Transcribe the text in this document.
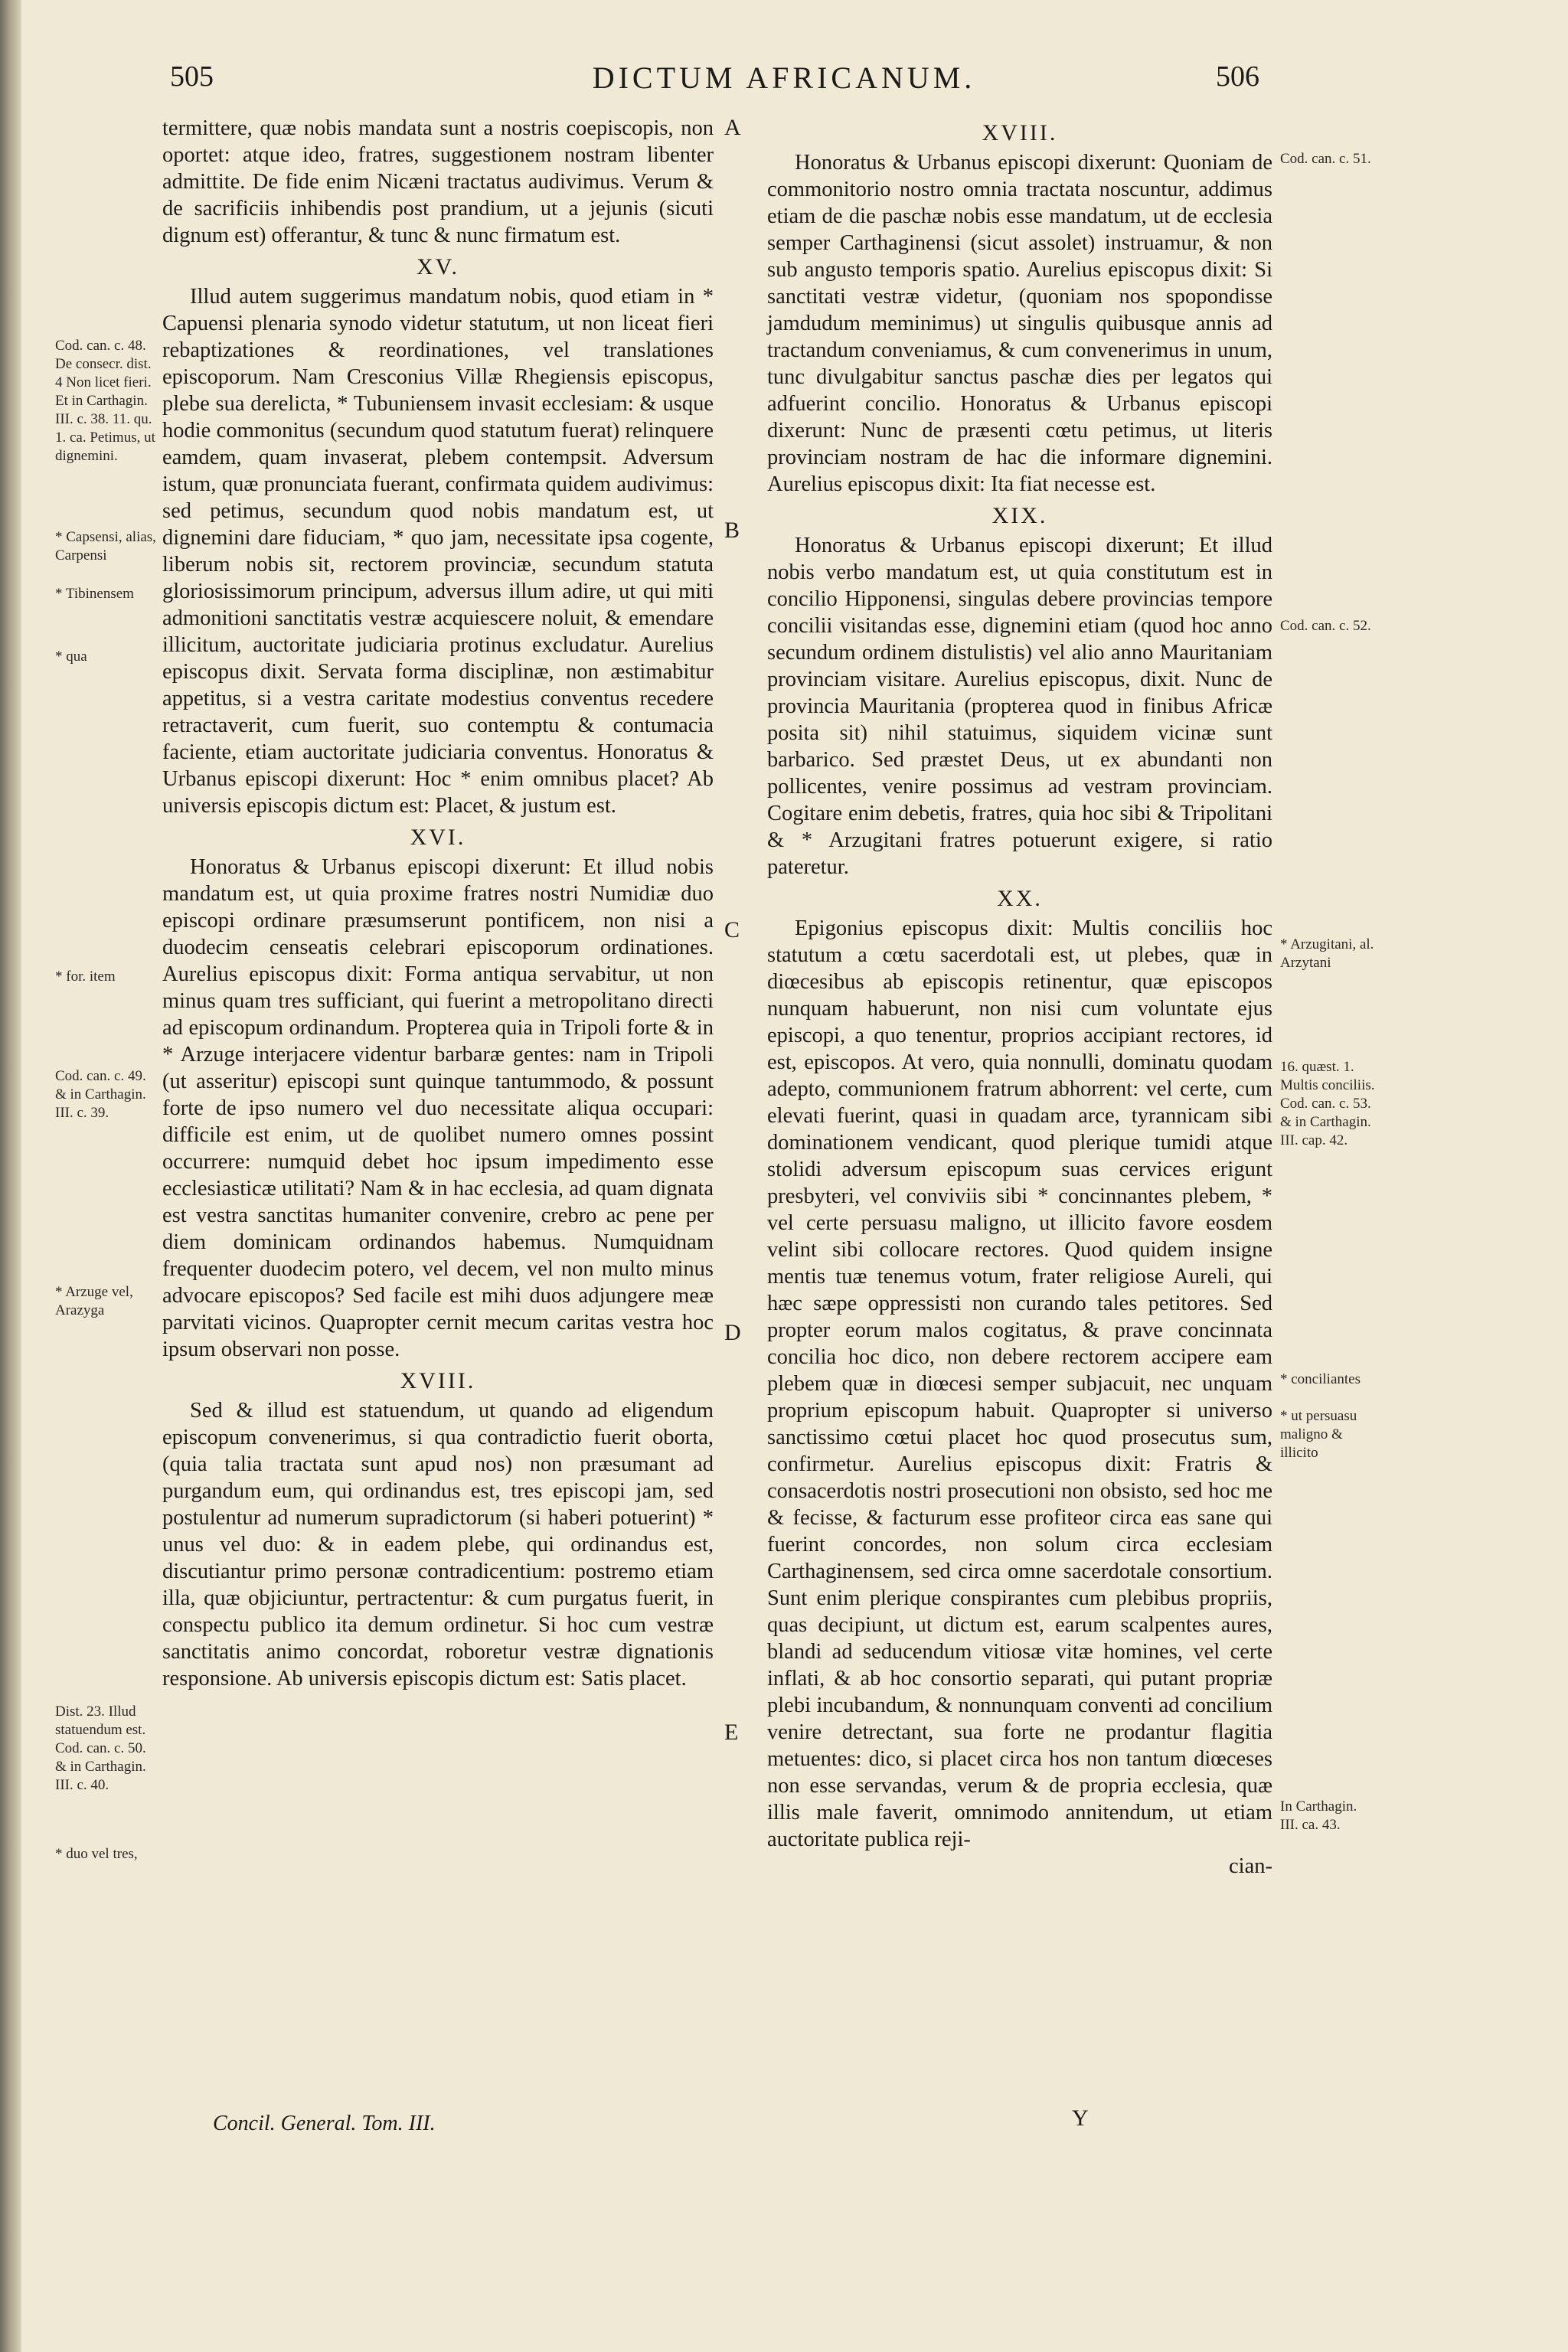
505	DICTUM AFRICANUM.	506

termittere, quæ nobis mandata sunt a nostris coepiscopis, non oportet: atque ideo, fratres, suggestionem nostram libenter admittite. De fide enim Nicæni tractatus audivimus. Verum & de sacrificiis inhibendis post prandium, ut a jejunis (sicuti dignum est) offerantur, & tunc & nunc firmatum est.

XV.

Illud autem suggerimus mandatum nobis, quod etiam in * Capuensi plenaria synodo videtur statutum, ut non liceat fieri rebaptizationes & reordinationes, vel translationes episcoporum. Nam Cresconius Villæ Rhegiensis episcopus, plebe sua derelicta, * Tubuniensem invasit ecclesiam: & usque hodie commonitus (secundum quod statutum fuerat) relinquere eamdem, quam invaserat, plebem contempsit. Adversum istum, quæ pronunciata fuerant, confirmata quidem audivimus: sed petimus, secundum quod nobis mandatum est, ut dignemini dare fiduciam, * quo jam, necessitate ipsa cogente, liberum nobis sit, rectorem provinciæ, secundum statuta gloriosissimorum principum, adversus illum adire, ut qui miti admonitioni sanctitatis vestræ acquiescere noluit, & emendare illicitum, auctoritate judiciaria protinus excludatur. Aurelius episcopus dixit. Servata forma disciplinæ, non æstimabitur appetitus, si a vestra caritate modestius conventus recedere retractaverit, cum fuerit, suo contemptu & contumacia faciente, etiam auctoritate judiciaria conventus. Honoratus & Urbanus episcopi dixerunt: Hoc * enim omnibus placet? Ab universis episcopis dictum est: Placet, & justum est.

XVI.

Honoratus & Urbanus episcopi dixerunt: Et illud nobis mandatum est, ut quia proxime fratres nostri Numidiæ duo episcopi ordinare præsumserunt pontificem, non nisi a duodecim censeatis celebrari episcoporum ordinationes. Aurelius episcopus dixit: Forma antiqua servabitur, ut non minus quam tres sufficiant, qui fuerint a metropolitano directi ad episcopum ordinandum. Propterea quia in Tripoli forte & in * Arzuge interjacere videntur barbaræ gentes: nam in Tripoli (ut asseritur) episcopi sunt quinque tantummodo, & possunt forte de ipso numero vel duo necessitate aliqua occupari: difficile est enim, ut de quolibet numero omnes possint occurrere: numquid debet hoc ipsum impedimento esse ecclesiasticæ utilitati? Nam & in hac ecclesia, ad quam dignata est vestra sanctitas humaniter convenire, crebro ac pene per diem dominicam ordinandos habemus. Numquidnam frequenter duodecim potero, vel decem, vel non multo minus advocare episcopos? Sed facile est mihi duos adjungere meæ parvitati vicinos. Quapropter cernit mecum caritas vestra hoc ipsum observari non posse.

XVIII.

Sed & illud est statuendum, ut quando ad eligendum episcopum convenerimus, si qua contradictio fuerit oborta, (quia talia tractata sunt apud nos) non præsumant ad purgandum eum, qui ordinandus est, tres episcopi jam, sed postulentur ad numerum supradictorum (si haberi potuerint) * unus vel duo: & in eadem plebe, qui ordinandus est, discutiantur primo personæ contradicentium: postremo etiam illa, quæ objiciuntur, pertractentur: & cum purgatus fuerit, in conspectu publico ita demum ordinetur. Si hoc cum vestræ sanctitatis animo concordat, roboretur vestræ dignationis responsione. Ab universis episcopis dictum est: Satis placet.

XVIII.

Honoratus & Urbanus episcopi dixerunt: Quoniam de commonitorio nostro omnia tractata noscuntur, addimus etiam de die paschæ nobis esse mandatum, ut de ecclesia semper Carthaginensi (sicut assolet) instruamur, & non sub angusto temporis spatio. Aurelius episcopus dixit: Si sanctitati vestræ videtur, (quoniam nos spopondisse jamdudum meminimus) ut singulis quibusque annis ad tractandum conveniamus, & cum convenerimus in unum, tunc divulgabitur sanctus paschæ dies per legatos qui adfuerint concilio. Honoratus & Urbanus episcopi dixerunt: Nunc de præsenti cœtu petimus, ut literis provinciam nostram de hac die informare dignemini. Aurelius episcopus dixit: Ita fiat necesse est.

XIX.

Honoratus & Urbanus episcopi dixerunt; Et illud nobis verbo mandatum est, ut quia constitutum est in concilio Hipponensi, singulas debere provincias tempore concilii visitandas esse, dignemini etiam (quod hoc anno secundum ordinem distulistis) vel alio anno Mauritaniam provinciam visitare. Aurelius episcopus, dixit. Nunc de provincia Mauritania (propterea quod in finibus Africæ posita sit) nihil statuimus, siquidem vicinæ sunt barbarico. Sed præstet Deus, ut ex abundanti non pollicentes, venire possimus ad vestram provinciam. Cogitare enim debetis, fratres, quia hoc sibi & Tripolitani & * Arzugitani fratres potuerunt exigere, si ratio pateretur.

XX.

Epigonius episcopus dixit: Multis conciliis hoc statutum a cœtu sacerdotali est, ut plebes, quæ in diœcesibus ab episcopis retinentur, quæ episcopos nunquam habuerunt, non nisi cum voluntate ejus episcopi, a quo tenentur, proprios accipiant rectores, id est, episcopos. At vero, quia nonnulli, dominatu quodam adepto, communionem fratrum abhorrent: vel certe, cum elevati fuerint, quasi in quadam arce, tyrannicam sibi dominationem vendicant, quod plerique tumidi atque stolidi adversum episcopum suas cervices erigunt presbyteri, vel conviviis sibi * concinnantes plebem, * vel certe persuasu maligno, ut illicito favore eosdem velint sibi collocare rectores. Quod quidem insigne mentis tuæ tenemus votum, frater religiose Aureli, qui hæc sæpe oppressisti non curando tales petitores. Sed propter eorum malos cogitatus, & prave concinnata concilia hoc dico, non debere rectorem accipere eam plebem quæ in diœcesi semper subjacuit, nec unquam proprium episcopum habuit. Quapropter si universo sanctissimo cœtui placet hoc quod prosecutus sum, confirmetur. Aurelius episcopus dixit: Fratris & consacerdotis nostri prosecutioni non obsisto, sed hoc me & fecisse, & facturum esse profiteor circa eas sane qui fuerint concordes, non solum circa ecclesiam Carthaginensem, sed circa omne sacerdotale consortium. Sunt enim plerique conspirantes cum plebibus propriis, quas decipiunt, ut dictum est, earum scalpentes aures, blandi ad seducendum vitiosæ vitæ homines, vel certe inflati, & ab hoc consortio separati, qui putant propriæ plebi incubandum, & nonnunquam conventi ad concilium venire detrectant, sua forte ne prodantur flagitia metuentes: dico, si placet circa hos non tantum diœceses non esse servandas, verum & de propria ecclesia, quæ illis male faverit, omnimodo annitendum, ut etiam auctoritate publica reji-

cian-

Cod. can. c. 48. De consecr. dist. 4 Non licet fieri. Et in Carthagin. III. c. 38. 11. qu. 1. ca. Petimus, ut dignemini.
* Capsensi, alias, Carpensi
* Tibinensem
* qua
* for. item
Cod. can. c. 49. & in Carthagin. III. c. 39.
* Arzuge vel, Arazyga
Dist. 23. Illud statuendum est. Cod. can. c. 50. & in Carthagin. III. c. 40.
* duo vel tres,
Cod. can. c. 51.
Cod. can. c. 52.
* Arzugitani, al. Arzytani
16. quæst. 1. Multis conciliis. Cod. can. c. 53. & in Carthagin. III. cap. 42.
* conciliantes
* ut persuasu maligno & illicito
In Carthagin. III. ca. 43.
A
B
C
D
E
Concil. General. Tom. III.	Y
